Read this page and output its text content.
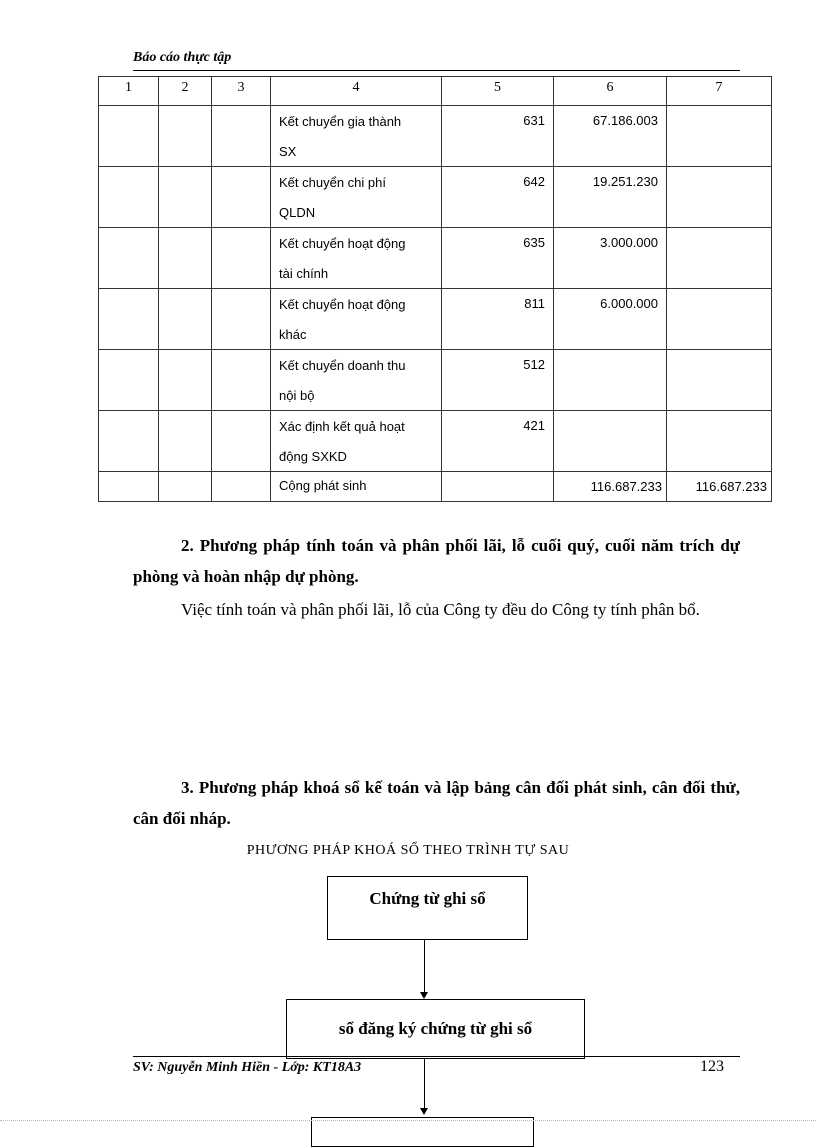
Báo cáo thực tập
1	2	3	4	5	6	7

			Kết chuyển gia thành
SX	631	67.186.003	

			Kết chuyển chi phí
QLDN	642	19.251.230	

			Kết chuyển hoạt động
tài chính	635	3.000.000	

			Kết chuyển hoạt động
khác	811	6.000.000	

			Kết chuyển doanh thu
nội bộ	512		

			Xác định kết quả hoạt
động SXKD	421		

			Cộng phát sinh		116.687.233	116.687.233
2. Phương pháp tính toán và phân phối lãi, lỗ cuối quý, cuối năm trích dự phòng và hoàn nhập dự phòng.
Việc tính toán và phân phối lãi, lỗ của Công ty đều do Công ty tính phân bổ.
3. Phương pháp khoá sổ kế toán và lập bảng cân đối phát sinh, cân đối thử, cân đối nháp.
PHƯƠNG PHÁP KHOÁ SỔ THEO TRÌNH TỰ SAU
Chứng từ ghi sổ
sổ đăng ký chứng từ ghi sổ
SV: Nguyễn Minh Hiền - Lớp: KT18A3	123
